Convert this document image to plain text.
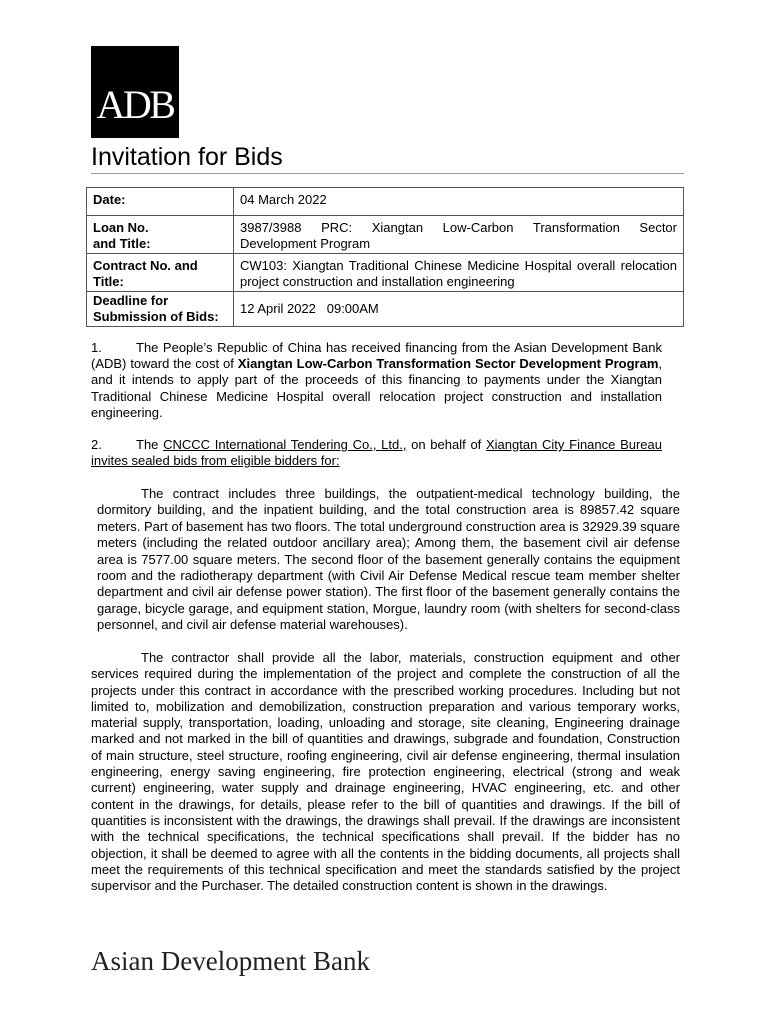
ADB
Invitation for Bids
Date:	04 March 2022
Loan No.
and Title:	3987/3988 PRC: Xiangtan Low-Carbon Transformation Sector Development Program
Contract No. and Title:	CW103: Xiangtan Traditional Chinese Medicine Hospital overall relocation project construction and installation engineering
Deadline for Submission of Bids:	12 April 2022   09:00AM
1.	The People’s Republic of China has received financing from the Asian Development Bank (ADB) toward the cost of Xiangtan Low-Carbon Transformation Sector Development Program, and it intends to apply part of the proceeds of this financing to payments under the Xiangtan Traditional Chinese Medicine Hospital overall relocation project construction and installation engineering.
2.	The CNCCC International Tendering Co., Ltd., on behalf of Xiangtan City Finance Bureau invites sealed bids from eligible bidders for:
The contract includes three buildings, the outpatient-medical technology building, the dormitory building, and the inpatient building, and the total construction area is 89857.42 square meters. Part of basement has two floors. The total underground construction area is 32929.39 square meters (including the related outdoor ancillary area); Among them, the basement civil air defense area is 7577.00 square meters. The second floor of the basement generally contains the equipment room and the radiotherapy department (with Civil Air Defense Medical rescue team member shelter department and civil air defense power station). The first floor of the basement generally contains the garage, bicycle garage, and equipment station, Morgue, laundry room (with shelters for second-class personnel, and civil air defense material warehouses).
The contractor shall provide all the labor, materials, construction equipment and other services required during the implementation of the project and complete the construction of all the projects under this contract in accordance with the prescribed working procedures. Including but not limited to, mobilization and demobilization, construction preparation and various temporary works, material supply, transportation, loading, unloading and storage, site cleaning, Engineering drainage marked and not marked in the bill of quantities and drawings, subgrade and foundation, Construction of main structure, steel structure, roofing engineering, civil air defense engineering, thermal insulation engineering, energy saving engineering, fire protection engineering, electrical (strong and weak current) engineering, water supply and drainage engineering, HVAC engineering, etc. and other content in the drawings, for details, please refer to the bill of quantities and drawings. If the bill of quantities is inconsistent with the drawings, the drawings shall prevail. If the drawings are inconsistent with the technical specifications, the technical specifications shall prevail. If the bidder has no objection, it shall be deemed to agree with all the contents in the bidding documents, all projects shall meet the requirements of this technical specification and meet the standards satisfied by the project supervisor and the Purchaser. The detailed construction content is shown in the drawings.
Asian Development Bank
